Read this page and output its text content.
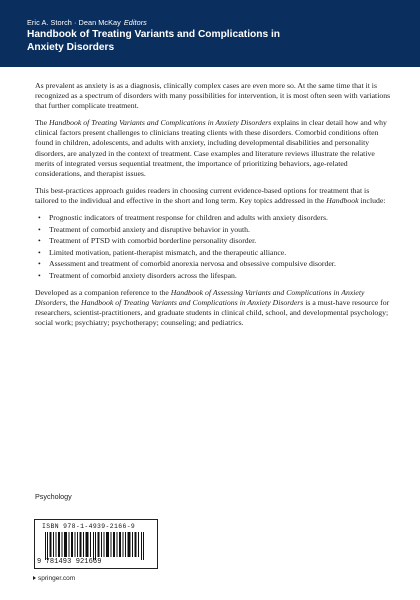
Eric A. Storch · Dean McKay Editors
Handbook of Treating Variants and Complications in
Anxiety Disorders

As prevalent as anxiety is as a diagnosis, clinically complex cases are even more so. At the same time that it is recognized as a spectrum of disorders with many possibilities for intervention, it is most often seen with variations that further complicate treatment.

The Handbook of Treating Variants and Complications in Anxiety Disorders explains in clear detail how and why clinical factors present challenges to clinicians treating clients with these disorders. Comorbid conditions often found in children, adolescents, and adults with anxiety, including developmental disabilities and personality disorders, are analyzed in the context of treatment. Case examples and literature reviews illustrate the relative merits of integrated versus sequential treatment, the importance of prioritizing behaviors, age-related considerations, and therapist issues.

This best-practices approach guides readers in choosing current evidence-based options for treatment that is tailored to the individual and effective in the short and long term. Key topics addressed in the Handbook include:

• Prognostic indicators of treatment response for children and adults with anxiety disorders.
• Treatment of comorbid anxiety and disruptive behavior in youth.
• Treatment of PTSD with comorbid borderline personality disorder.
• Limited motivation, patient-therapist mismatch, and the therapeutic alliance.
• Assessment and treatment of comorbid anorexia nervosa and obsessive compulsive disorder.
• Treatment of comorbid anxiety disorders across the lifespan.

Developed as a companion reference to the Handbook of Assessing Variants and Complications in Anxiety Disorders, the Handbook of Treating Variants and Complications in Anxiety Disorders is a must-have resource for researchers, scientist-practitioners, and graduate students in clinical child, school, and developmental psychology; social work; psychiatry; psychotherapy; counseling; and pediatrics.

Psychology
ISBN 978-1-4939-2166-9
9 781493 921669
springer.com
